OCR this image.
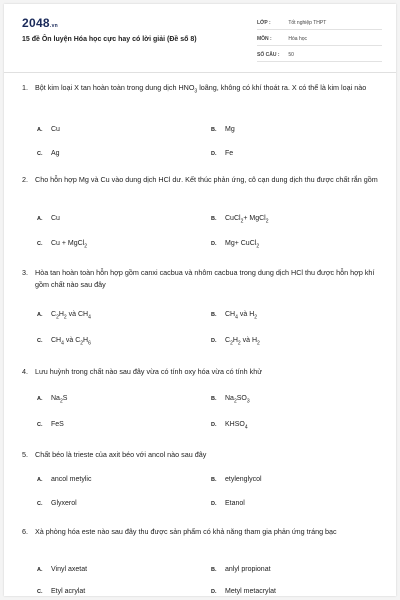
2048.vn
15 đề Ôn luyện Hóa học cực hay có lời giải (Đề số 8)
LỚP :	Tốt nghiệp THPT
MÔN :	Hóa học
SỐ CÂU : 50
1. Bột kim loại X tan hoàn toàn trong dung dịch $HNO_3$ loãng, không có khí thoát ra. X có thể là kim loại nào
A. Cu	B. Mg
C. Ag	D. Fe
2. Cho hỗn hợp Mg và Cu vào dung dịch HCl dư. Kết thúc phản ứng, cô cạn dung dịch thu được chất rắn gồm
A. Cu	B. CuCl$_2$+ MgCl$_2$
C. Cu + MgCl$_2$	D. Mg+ CuCl$_2$
3. Hòa tan hoàn toàn hỗn hợp gồm canxi cacbua và nhôm cacbua trong dung dịch HCl thu được hỗn hợp khí gồm chất nào sau đây
A. $C_2H_2$ và $CH_4$	B. $CH_4$ và $H_2$
C. $CH_4$ và $C_2H_6$	D. $C_2H_2$ và $H_2$
4. Lưu huỳnh trong chất nào sau đây vừa có tính oxy hóa vừa có tính khử
A. $Na_2S$	B. $Na_2SO_3$
C. FeS	D. $KHSO_4$
5. Chất béo là trieste của axit béo với ancol nào sau đây
A. ancol metylic	B. etylenglycol
C. Glyxerol	D. Etanol
6. Xà phòng hóa este nào sau đây thu được sản phẩm có khả năng tham gia phản ứng tráng bạc
A. Vinyl axetat	B. anlyl propionat
C. Etyl acrylat	D. Metyl metacrylat
